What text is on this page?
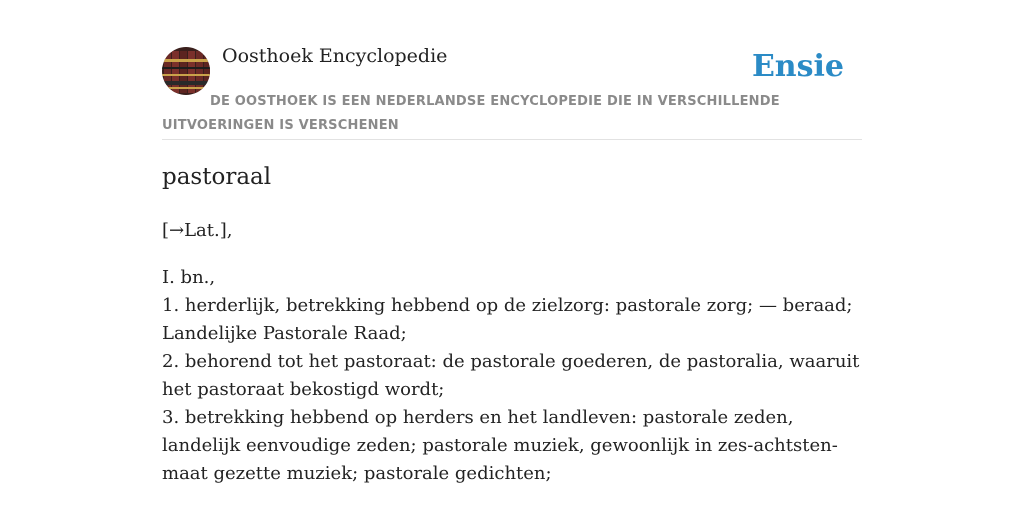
Oosthoek Encyclopedie	Ensie
DE OOSTHOEK IS EEN NEDERLANDSE ENCYCLOPEDIE DIE IN VERSCHILLENDE UITVOERINGEN IS VERSCHENEN
pastoraal

[→Lat.],

I. bn.,
1. herderlijk, betrekking hebbend op de zielzorg: pastorale zorg; — beraad; Landelijke Pastorale Raad;
2. behorend tot het pastoraat: de pastorale goederen, de pastoralia, waaruit het pastoraat bekostigd wordt;
3. betrekking hebbend op herders en het landleven: pastorale zeden, landelijk eenvoudige zeden; pastorale muziek, gewoonlijk in zes-achtsten-maat gezette muziek; pastorale gedichten;
